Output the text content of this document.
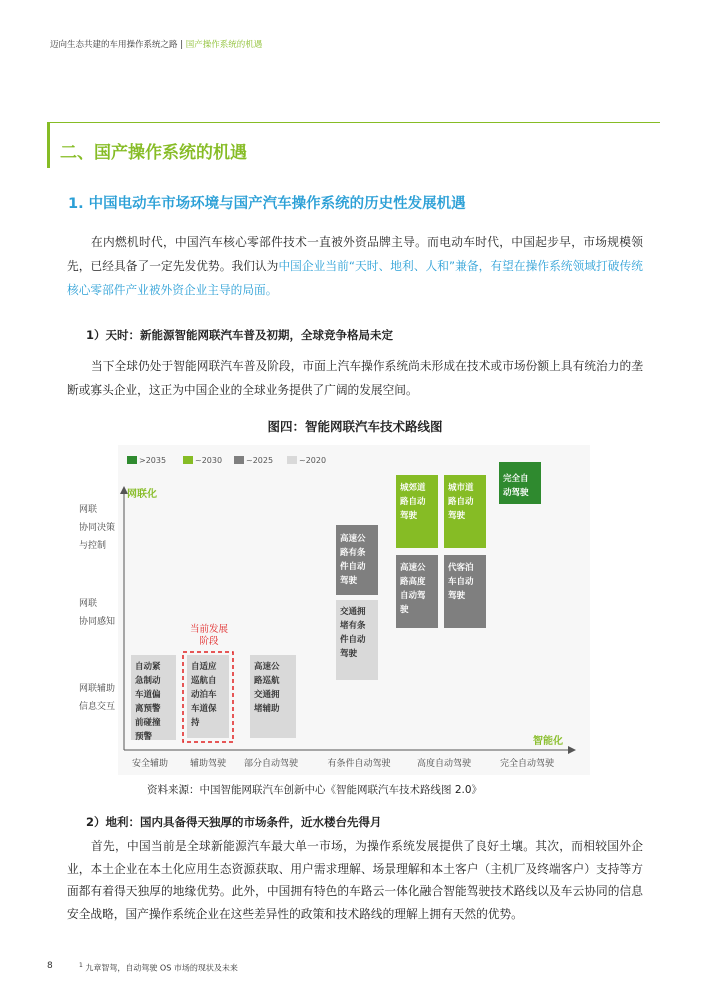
迈向生态共建的车用操作系统之路 | 国产操作系统的机遇
二、国产操作系统的机遇
1. 中国电动车市场环境与国产汽车操作系统的历史性发展机遇
在内燃机时代，中国汽车核心零部件技术一直被外资品牌主导。而电动车时代，中国起步早，市场规模领先，已经具备了一定先发优势。我们认为中国企业当前“天时、地利、人和”兼备，有望在操作系统领域打破传统核心零部件产业被外资企业主导的局面。
1）天时：新能源智能网联汽车普及初期，全球竞争格局未定
当下全球仍处于智能网联汽车普及阶段，市面上汽车操作系统尚未形成在技术或市场份额上具有统治力的垄断或寡头企业，这正为中国企业的全球业务提供了广阔的发展空间。
图四：智能网联汽车技术路线图
>2035	~2030	~2025	~2020
网联化
智能化
网联
协同决策
与控制
网联
协同感知
网联辅助
信息交互
安全辅助 辅助驾驶 部分自动驾驶	有条件自动驾驶	高度自动驾驶	完全自动驾驶
当前发展
阶段
自动紧急制动车道偏离预警前碰撞预警
自适应巡航自动泊车车道保持
高速公路巡航交通拥堵辅助
交通拥堵有条件自动驾驶
高速公路有条件自动驾驶
高速公路高度自动驾驶
代客泊车自动驾驶
城郊道路自动驾驶
城市道路自动驾驶
完全自动驾驶
资料来源：中国智能网联汽车创新中心《智能网联汽车技术路线图 2.0》
2）地利：国内具备得天独厚的市场条件，近水楼台先得月
首先，中国当前是全球新能源汽车最大单一市场，为操作系统发展提供了良好土壤。其次，而相较国外企业，本土企业在本土化应用生态资源获取、用户需求理解、场景理解和本土客户（主机厂及终端客户）支持等方面都有着得天独厚的地缘优势。此外，中国拥有特色的车路云一体化融合智能驾驶技术路线以及车云协同的信息安全战略，国产操作系统企业在这些差异性的政策和技术路线的理解上拥有天然的优势。
8	$^1$ 九章智驾，自动驾驶 OS 市场的现状及未来
